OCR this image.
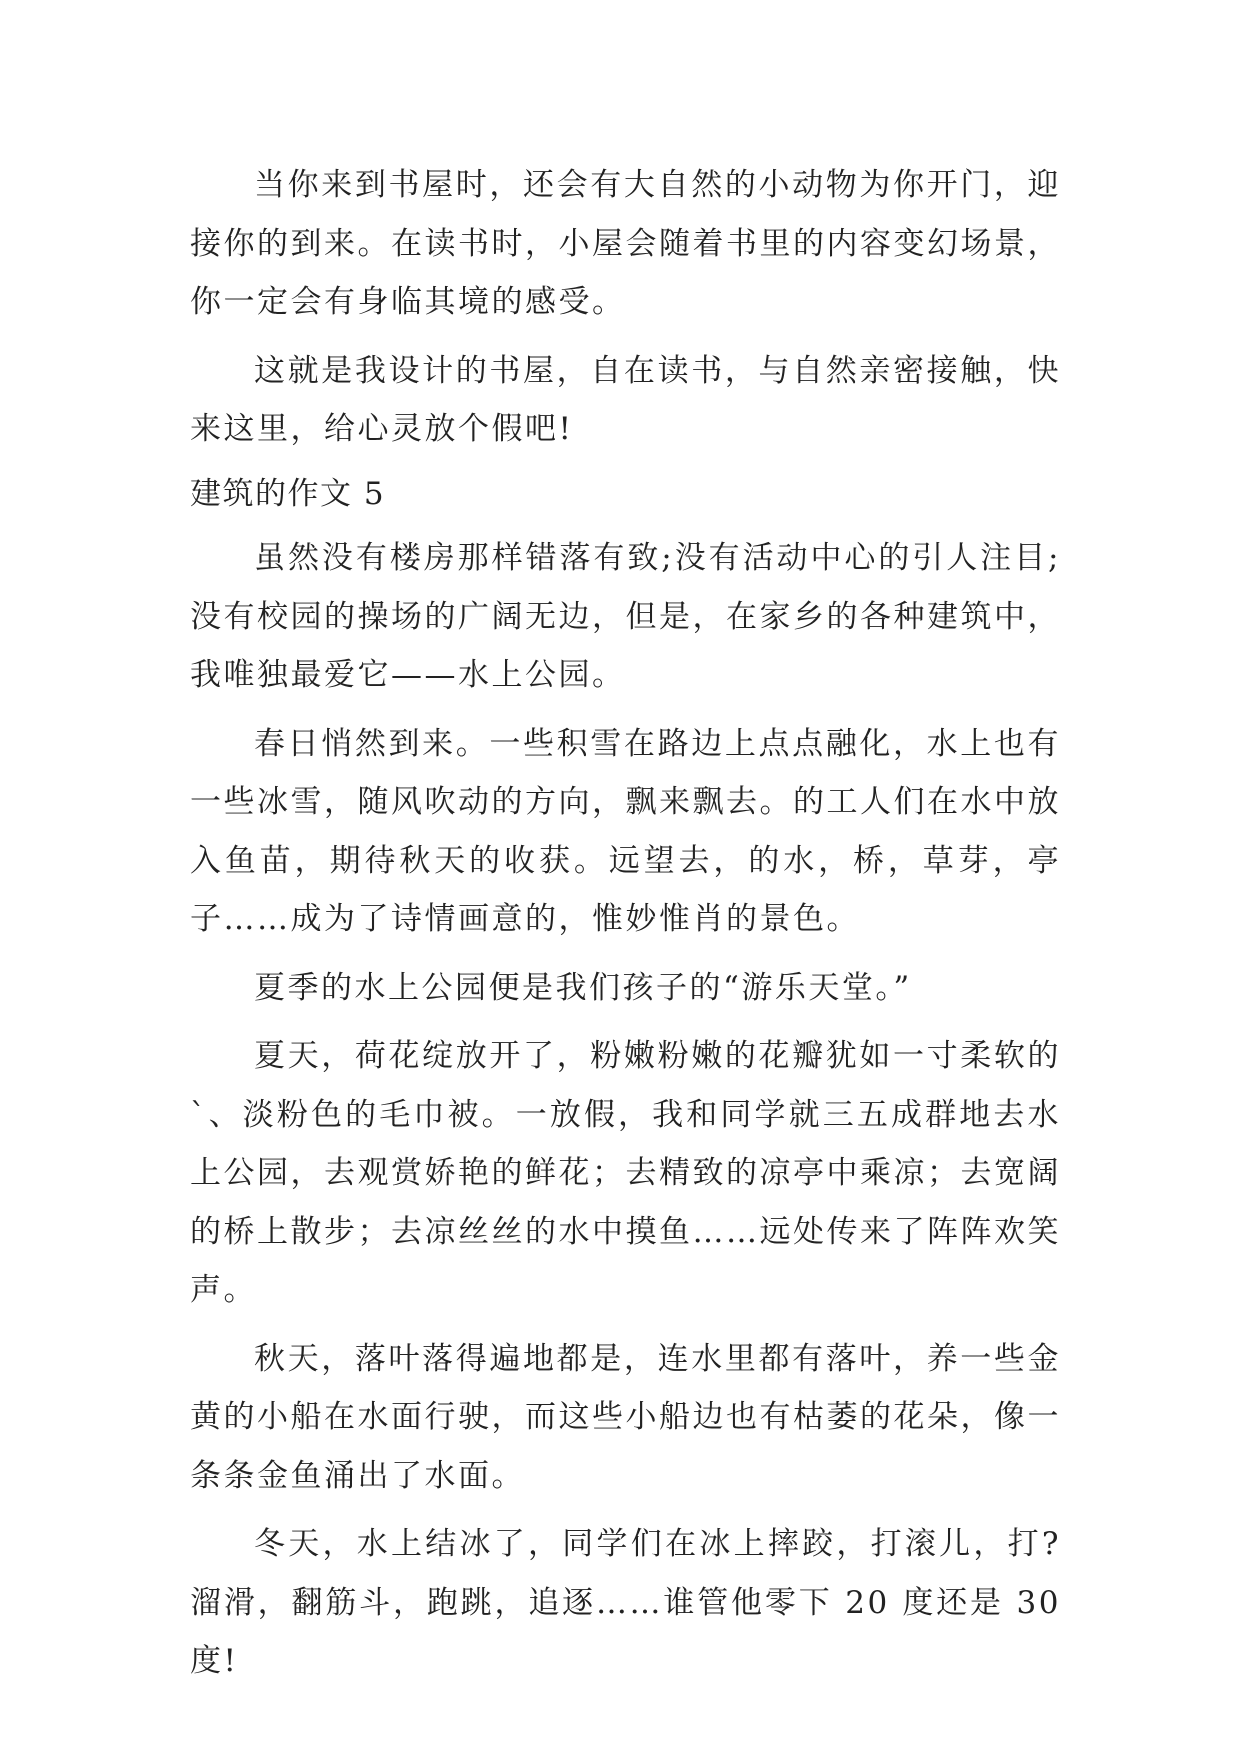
当你来到书屋时，还会有大自然的小动物为你开门，迎接你的到来。在读书时，小屋会随着书里的内容变幻场景，你一定会有身临其境的感受。

这就是我设计的书屋，自在读书，与自然亲密接触，快来这里，给心灵放个假吧!

建筑的作文 5

虽然没有楼房那样错落有致;没有活动中心的引人注目;没有校园的操场的广阔无边，但是，在家乡的各种建筑中，我唯独最爱它——水上公园。

春日悄然到来。一些积雪在路边上点点融化，水上也有一些冰雪，随风吹动的方向，飘来飘去。的工人们在水中放入鱼苗，期待秋天的收获。远望去，的水，桥，草芽，亭子……成为了诗情画意的，惟妙惟肖的景色。

夏季的水上公园便是我们孩子的“游乐天堂。”

夏天，荷花绽放开了，粉嫩粉嫩的花瓣犹如一寸柔软的`、淡粉色的毛巾被。一放假，我和同学就三五成群地去水上公园，去观赏娇艳的鲜花；去精致的凉亭中乘凉；去宽阔的桥上散步；去凉丝丝的水中摸鱼……远处传来了阵阵欢笑声。

秋天，落叶落得遍地都是，连水里都有落叶，养一些金黄的小船在水面行驶，而这些小船边也有枯萎的花朵，像一条条金鱼涌出了水面。

冬天，水上结冰了，同学们在冰上摔跤，打滚儿，打?溜滑，翻筋斗，跑跳，追逐……谁管他零下 20 度还是 30 度!
